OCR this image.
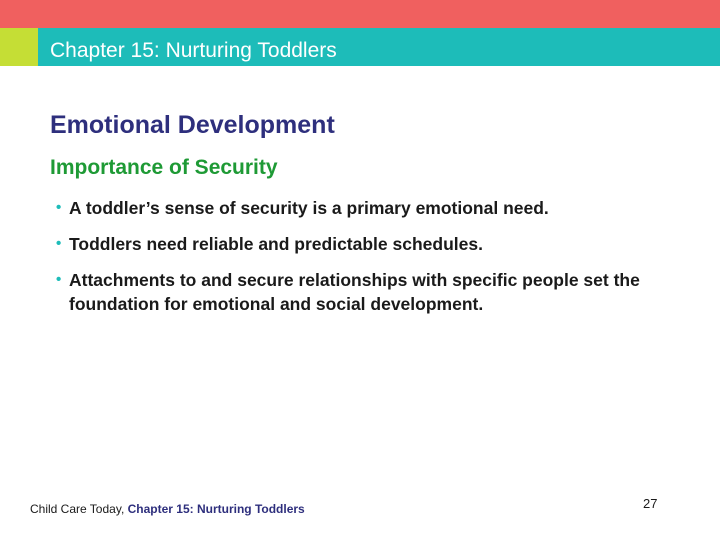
Chapter 15: Nurturing Toddlers
Emotional Development
Importance of Security
• A toddler’s sense of security is a primary emotional need.
• Toddlers need reliable and predictable schedules.
• Attachments to and secure relationships with specific people set the foundation for emotional and social development.

Child Care Today, Chapter 15: Nurturing Toddlers	27
